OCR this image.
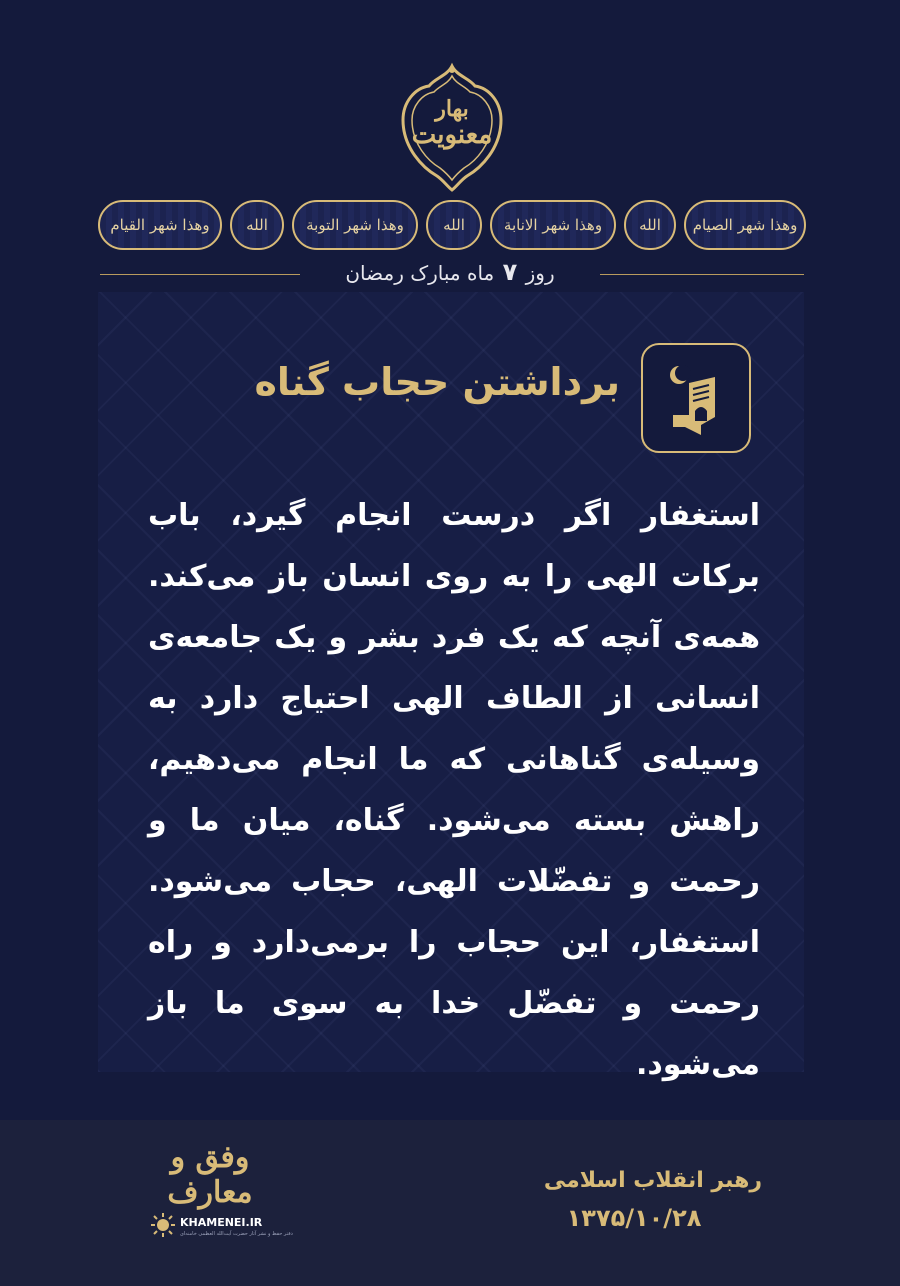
بهار
معنویت
وهذا شهر الصیام
الله
وهذا شهر الانابة
الله
وهذا شهر التوبة
الله
وهذا شهر القیام
روز ۷ ماه مبارک رمضان
برداشتن حجاب گناه
استغفار اگر درست انجام گیرد، باب برکات الهی را به روی انسان باز می‌کند. همه‌ی آنچه که یک فرد بشر و یک جامعه‌ی انسانی از الطاف الهی احتیاج دارد به وسیله‌ی گناهانی که ما انجام می‌دهیم، راهش بسته می‌شود. گناه، میان ما و رحمت و تفضّلات الهی، حجاب می‌شود. استغفار، این حجاب را برمی‌دارد و راه رحمت و تفضّل خدا به سوی ما باز می‌شود.
رهبر انقلاب اسلامی
۱۳۷۵/۱۰/۲۸
وفق و معارف
KHAMENEI.IR
دفتر حفظ و نشر آثار حضرت آیت‌الله العظمی خامنه‌ای
